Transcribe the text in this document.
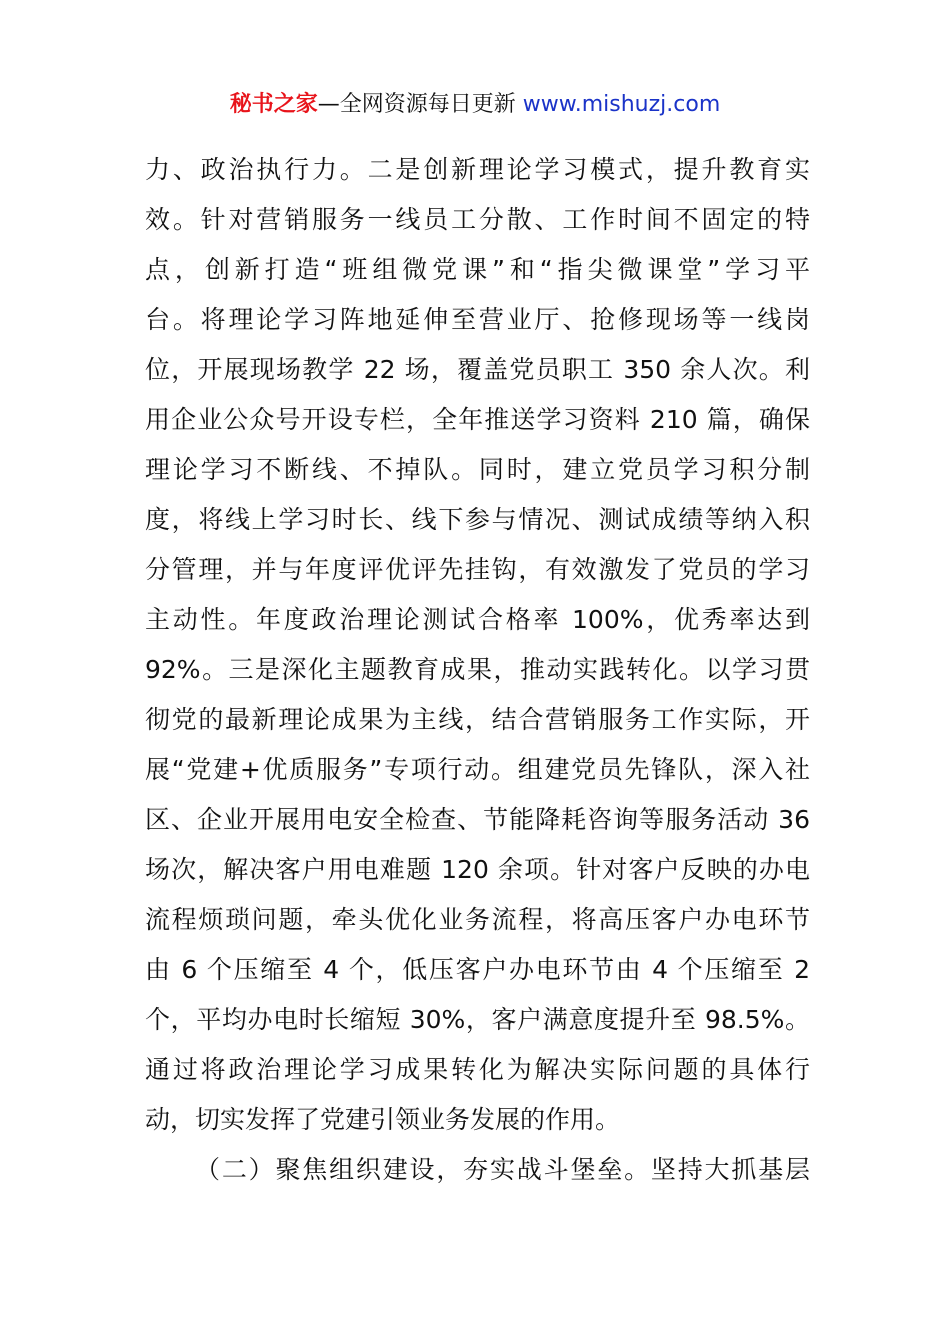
秘书之家—全网资源每日更新 www.mishuzj.com
力、政治执行力。二是创新理论学习模式，提升教育实
效。针对营销服务一线员工分散、工作时间不固定的特
点，创新打造“班组微党课”和“指尖微课堂”学习平
台。将理论学习阵地延伸至营业厅、抢修现场等一线岗
位，开展现场教学 22 场，覆盖党员职工 350 余人次。利
用企业公众号开设专栏，全年推送学习资料 210 篇，确保
理论学习不断线、不掉队。同时，建立党员学习积分制
度，将线上学习时长、线下参与情况、测试成绩等纳入积
分管理，并与年度评优评先挂钩，有效激发了党员的学习
主动性。年度政治理论测试合格率 100%，优秀率达到
92%。三是深化主题教育成果，推动实践转化。以学习贯
彻党的最新理论成果为主线，结合营销服务工作实际，开
展“党建+优质服务”专项行动。组建党员先锋队，深入社
区、企业开展用电安全检查、节能降耗咨询等服务活动 36
场次，解决客户用电难题 120 余项。针对客户反映的办电
流程烦琐问题，牵头优化业务流程，将高压客户办电环节
由 6 个压缩至 4 个，低压客户办电环节由 4 个压缩至 2
个，平均办电时长缩短 30%，客户满意度提升至 98.5%。
通过将政治理论学习成果转化为解决实际问题的具体行
动，切实发挥了党建引领业务发展的作用。
（二）聚焦组织建设，夯实战斗堡垒。坚持大抓基层
